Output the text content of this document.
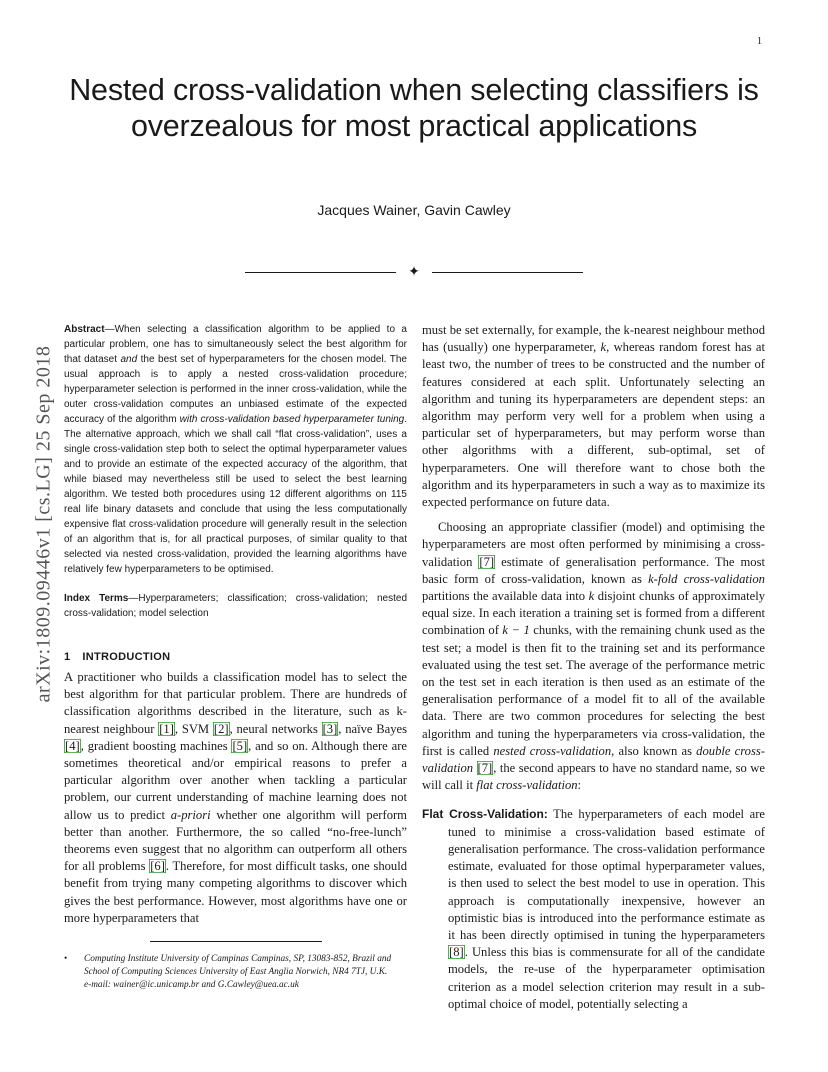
1
Nested cross-validation when selecting classifiers is overzealous for most practical applications
Jacques Wainer, Gavin Cawley
✦
arXiv:1809.09446v1 [cs.LG] 25 Sep 2018

Abstract—When selecting a classification algorithm to be applied to a particular problem, one has to simultaneously select the best algorithm for that dataset and the best set of hyperparameters for the chosen model. The usual approach is to apply a nested cross-validation procedure; hyperparameter selection is performed in the inner cross-validation, while the outer cross-validation computes an unbiased estimate of the expected accuracy of the algorithm with cross-validation based hyperparameter tuning. The alternative approach, which we shall call “flat cross-validation”, uses a single cross-validation step both to select the optimal hyperparameter values and to provide an estimate of the expected accuracy of the algorithm, that while biased may nevertheless still be used to select the best learning algorithm. We tested both procedures using 12 different algorithms on 115 real life binary datasets and conclude that using the less computationally expensive flat cross-validation procedure will generally result in the selection of an algorithm that is, for all practical purposes, of similar quality to that selected via nested cross-validation, provided the learning algorithms have relatively few hyperparameters to be optimised.

Index Terms—Hyperparameters; classification; cross-validation; nested cross-validation; model selection

1 INTRODUCTION

A practitioner who builds a classification model has to select the best algorithm for that particular problem. There are hundreds of classification algorithms described in the literature, such as k-nearest neighbour [1], SVM [2], neural networks [3], naïve Bayes [4], gradient boosting machines [5], and so on. Although there are sometimes theoretical and/or empirical reasons to prefer a particular algorithm over another when tackling a particular problem, our current understanding of machine learning does not allow us to predict a-priori whether one algorithm will perform better than another. Furthermore, the so called “no-free-lunch” theorems even suggest that no algorithm can outperform all others for all problems [6]. Therefore, for most difficult tasks, one should benefit from trying many competing algorithms to discover which gives the best performance. However, most algorithms have one or more hyperparameters that

• Computing Institute University of Campinas Campinas, SP, 13083-852, Brazil and School of Computing Sciences University of East Anglia Norwich, NR4 7TJ, U.K.
e-mail: wainer@ic.unicamp.br and G.Cawley@uea.ac.uk

must be set externally, for example, the k-nearest neighbour method has (usually) one hyperparameter, k, whereas random forest has at least two, the number of trees to be constructed and the number of features considered at each split. Unfortunately selecting an algorithm and tuning its hyperparameters are dependent steps: an algorithm may perform very well for a problem when using a particular set of hyperparameters, but may perform worse than other algorithms with a different, sub-optimal, set of hyperparameters. One will therefore want to chose both the algorithm and its hyperparameters in such a way as to maximize its expected performance on future data.

Choosing an appropriate classifier (model) and optimising the hyperparameters are most often performed by minimising a cross-validation [7] estimate of generalisation performance. The most basic form of cross-validation, known as k-fold cross-validation partitions the available data into k disjoint chunks of approximately equal size. In each iteration a training set is formed from a different combination of k − 1 chunks, with the remaining chunk used as the test set; a model is then fit to the training set and its performance evaluated using the test set. The average of the performance metric on the test set in each iteration is then used as an estimate of the generalisation performance of a model fit to all of the available data. There are two common procedures for selecting the best algorithm and tuning the hyperparameters via cross-validation, the first is called nested cross-validation, also known as double cross-validation [7], the second appears to have no standard name, so we will call it flat cross-validation:

Flat Cross-Validation: The hyperparameters of each model are tuned to minimise a cross-validation based estimate of generalisation performance. The cross-validation performance estimate, evaluated for those optimal hyperparameter values, is then used to select the best model to use in operation. This approach is computationally inexpensive, however an optimistic bias is introduced into the performance estimate as it has been directly optimised in tuning the hyperparameters [8]. Unless this bias is commensurate for all of the candidate models, the re-use of the hyperparameter optimisation criterion as a model selection criterion may result in a sub-optimal choice of model, potentially selecting a
